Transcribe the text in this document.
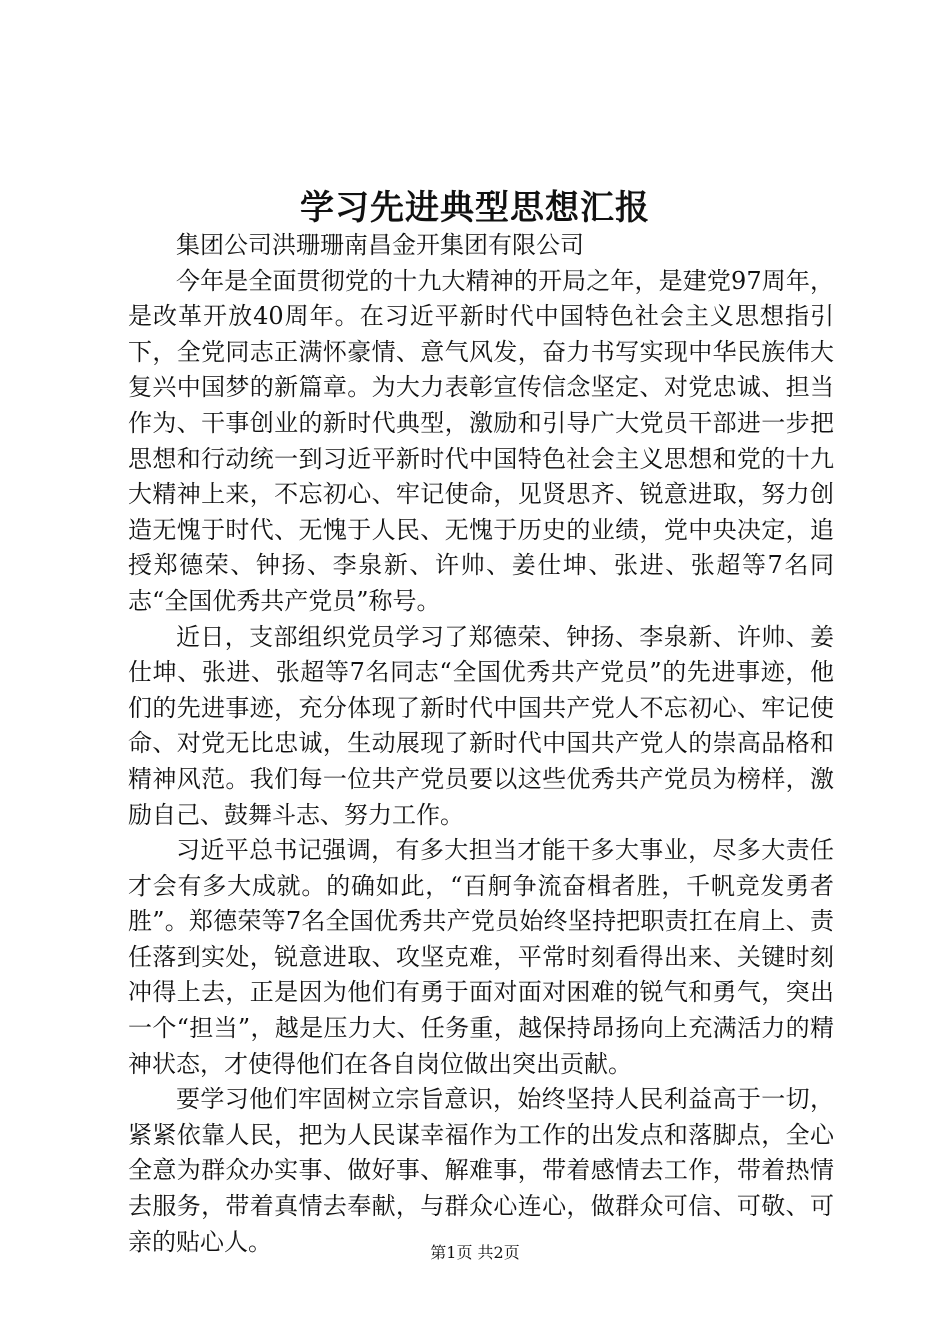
学习先进典型思想汇报

集团公司洪珊珊南昌金开集团有限公司

今年是全面贯彻党的十九大精神的开局之年，是建党97周年，是改革开放40周年。在习近平新时代中国特色社会主义思想指引下，全党同志正满怀豪情、意气风发，奋力书写实现中华民族伟大复兴中国梦的新篇章。为大力表彰宣传信念坚定、对党忠诚、担当作为、干事创业的新时代典型，激励和引导广大党员干部进一步把思想和行动统一到习近平新时代中国特色社会主义思想和党的十九大精神上来，不忘初心、牢记使命，见贤思齐、锐意进取，努力创造无愧于时代、无愧于人民、无愧于历史的业绩，党中央决定，追授郑德荣、钟扬、李泉新、许帅、姜仕坤、张进、张超等7名同志“全国优秀共产党员”称号。

近日，支部组织党员学习了郑德荣、钟扬、李泉新、许帅、姜仕坤、张进、张超等7名同志“全国优秀共产党员”的先进事迹，他们的先进事迹，充分体现了新时代中国共产党人不忘初心、牢记使命、对党无比忠诚，生动展现了新时代中国共产党人的崇高品格和精神风范。我们每一位共产党员要以这些优秀共产党员为榜样，激励自己、鼓舞斗志、努力工作。

习近平总书记强调，有多大担当才能干多大事业，尽多大责任才会有多大成就。的确如此，“百舸争流奋楫者胜，千帆竞发勇者胜”。郑德荣等7名全国优秀共产党员始终坚持把职责扛在肩上、责任落到实处，锐意进取、攻坚克难，平常时刻看得出来、关键时刻冲得上去，正是因为他们有勇于面对面对困难的锐气和勇气，突出一个“担当”，越是压力大、任务重，越保持昂扬向上充满活力的精神状态，才使得他们在各自岗位做出突出贡献。

要学习他们牢固树立宗旨意识，始终坚持人民利益高于一切，紧紧依靠人民，把为人民谋幸福作为工作的出发点和落脚点，全心全意为群众办实事、做好事、解难事，带着感情去工作，带着热情去服务，带着真情去奉献，与群众心连心，做群众可信、可敬、可亲的贴心人。	第1页 共2页
